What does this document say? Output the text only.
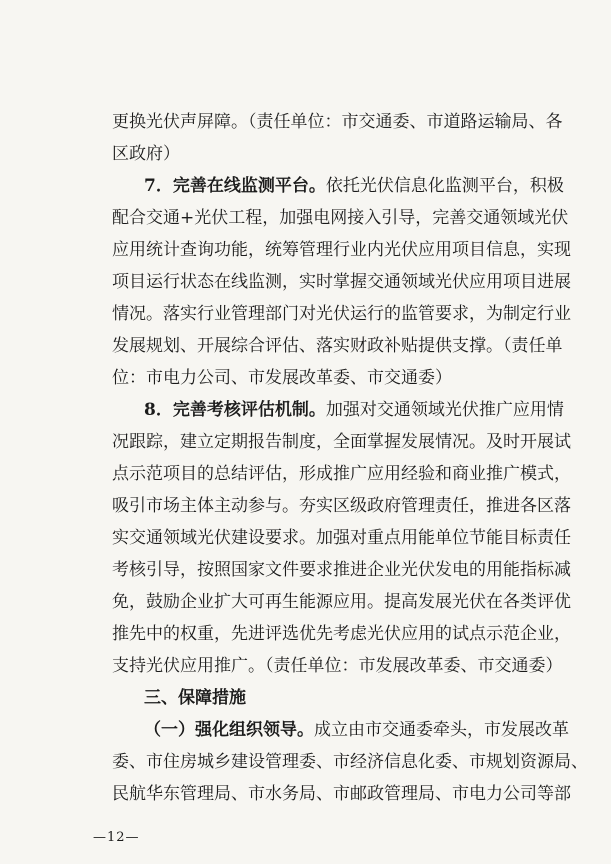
更换光伏声屏障。（责任单位：市交通委、市道路运输局、各
区政府）
7．完善在线监测平台。依托光伏信息化监测平台，积极
配合交通+光伏工程，加强电网接入引导，完善交通领域光伏
应用统计查询功能，统筹管理行业内光伏应用项目信息，实现
项目运行状态在线监测，实时掌握交通领域光伏应用项目进展
情况。落实行业管理部门对光伏运行的监管要求，为制定行业
发展规划、开展综合评估、落实财政补贴提供支撑。（责任单
位：市电力公司、市发展改革委、市交通委）
8．完善考核评估机制。加强对交通领域光伏推广应用情
况跟踪，建立定期报告制度，全面掌握发展情况。及时开展试
点示范项目的总结评估，形成推广应用经验和商业推广模式，
吸引市场主体主动参与。夯实区级政府管理责任，推进各区落
实交通领域光伏建设要求。加强对重点用能单位节能目标责任
考核引导，按照国家文件要求推进企业光伏发电的用能指标减
免，鼓励企业扩大可再生能源应用。提高发展光伏在各类评优
推先中的权重，先进评选优先考虑光伏应用的试点示范企业，
支持光伏应用推广。（责任单位：市发展改革委、市交通委）
三、保障措施
（一）强化组织领导。成立由市交通委牵头，市发展改革
委、市住房城乡建设管理委、市经济信息化委、市规划资源局、
民航华东管理局、市水务局、市邮政管理局、市电力公司等部
—12—
